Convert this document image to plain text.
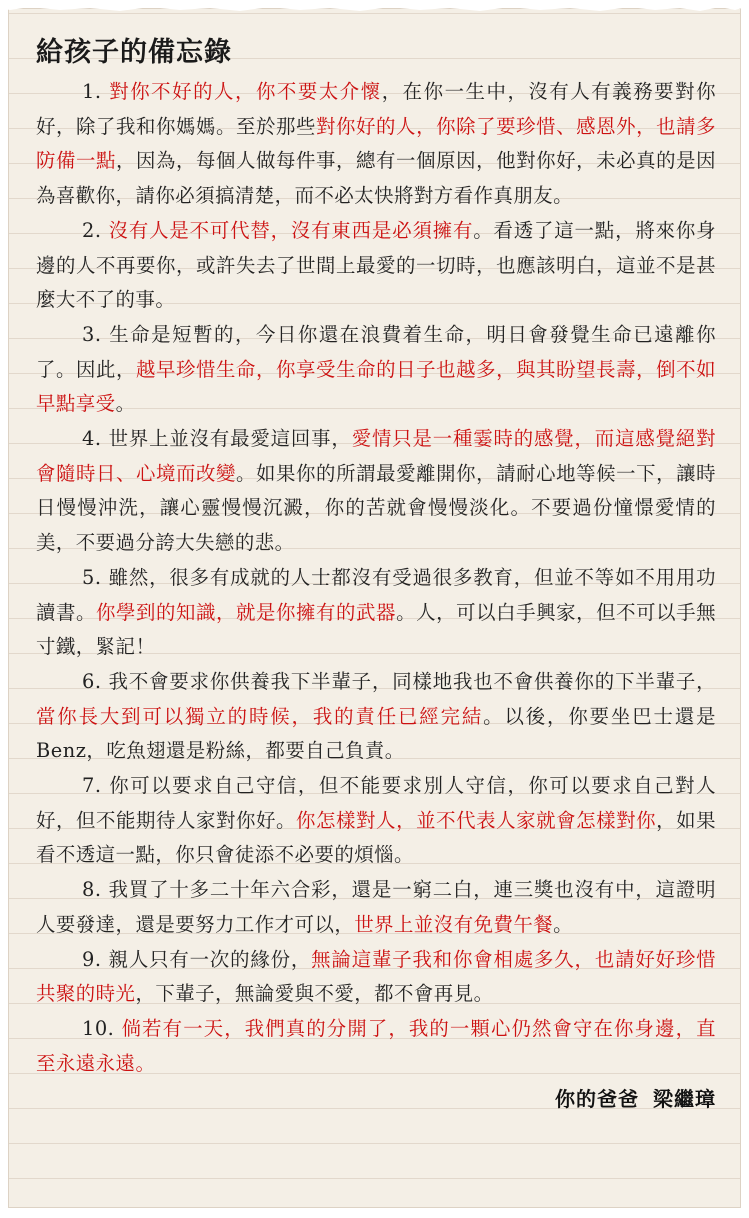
給孩子的備忘錄

1. 對你不好的人，你不要太介懷，在你一生中，沒有人有義務要對你好，除了我和你媽媽。至於那些對你好的人，你除了要珍惜、感恩外，也請多防備一點，因為，每個人做每件事，總有一個原因，他對你好，未必真的是因為喜歡你，請你必須搞清楚，而不必太快將對方看作真朋友。

2. 沒有人是不可代替，沒有東西是必須擁有。看透了這一點，將來你身邊的人不再要你，或許失去了世間上最愛的一切時，也應該明白，這並不是甚麼大不了的事。

3. 生命是短暫的，今日你還在浪費着生命，明日會發覺生命已遠離你了。因此，越早珍惜生命，你享受生命的日子也越多，與其盼望長壽，倒不如早點享受。

4. 世界上並沒有最愛這回事，愛情只是一種霎時的感覺，而這感覺絕對會隨時日、心境而改變。如果你的所謂最愛離開你，請耐心地等候一下，讓時日慢慢沖洗，讓心靈慢慢沉澱，你的苦就會慢慢淡化。不要過份憧憬愛情的美，不要過分誇大失戀的悲。

5. 雖然，很多有成就的人士都沒有受過很多教育，但並不等如不用用功讀書。你學到的知識，就是你擁有的武器。人，可以白手興家，但不可以手無寸鐵，緊記！

6. 我不會要求你供養我下半輩子，同樣地我也不會供養你的下半輩子，當你長大到可以獨立的時候，我的責任已經完結。以後，你要坐巴士還是Benz，吃魚翅還是粉絲，都要自己負責。

7. 你可以要求自己守信，但不能要求別人守信，你可以要求自己對人好，但不能期待人家對你好。你怎樣對人，並不代表人家就會怎樣對你，如果看不透這一點，你只會徒添不必要的煩惱。

8. 我買了十多二十年六合彩，還是一窮二白，連三獎也沒有中，這證明人要發達，還是要努力工作才可以，世界上並沒有免費午餐。

9. 親人只有一次的緣份，無論這輩子我和你會相處多久，也請好好珍惜共聚的時光，下輩子，無論愛與不愛，都不會再見。

10. 倘若有一天，我們真的分開了，我的一顆心仍然會守在你身邊，直至永遠永遠。

你的爸爸 梁繼璋
